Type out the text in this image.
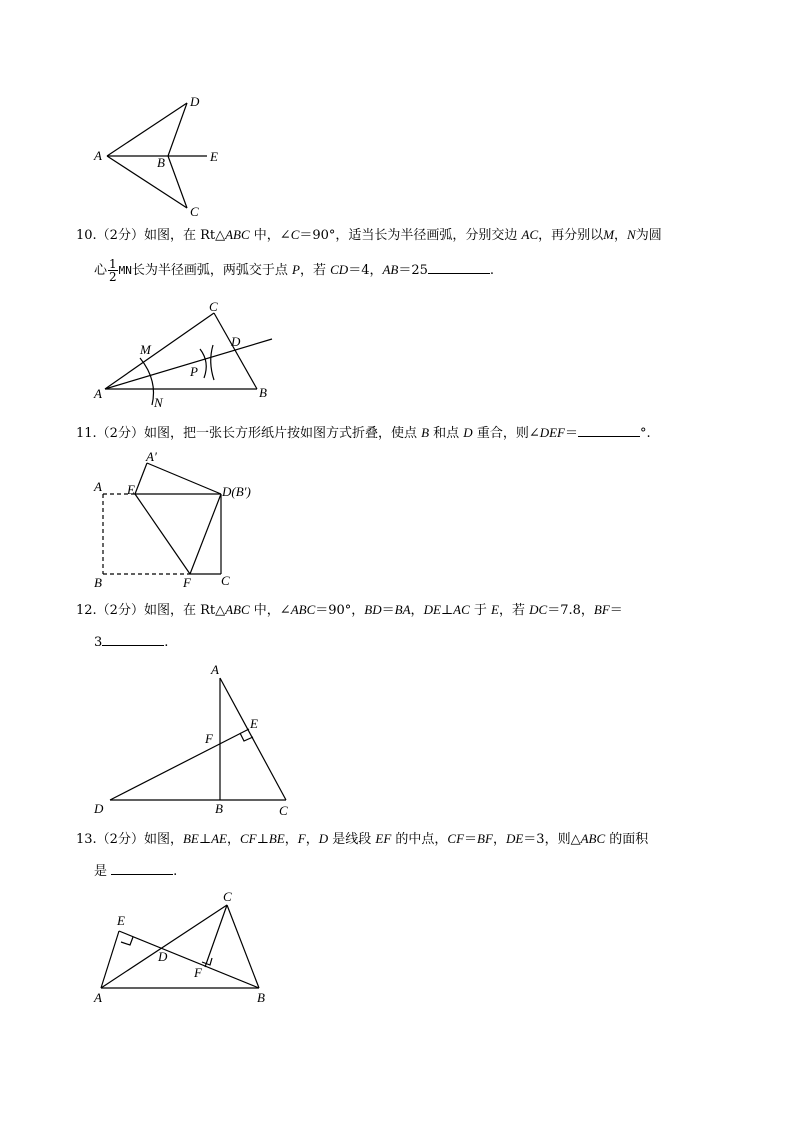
A	B
C
D
E
10.（2分）如图，在 Rt△ABC 中，∠C＝90°，适当长为半径画弧，分别交边 AC，再分别以M，N为圆
心 $\frac{1}{2}$ MN长为半径画弧，两弧交于点 P，若 CD＝4，AB＝25	.
A	B
C
D
M
N
P
11.（2分）如图，把一张长方形纸片按如图方式折叠，使点 B 和点 D 重合，则∠DEF＝	°.
A
A′
E	D(B′)
B	F C
12.（2分）如图，在 Rt△ABC 中，∠ABC＝90°，BD＝BA，DE⊥AC 于 E，若 DC＝7.8，BF＝
3	.
A
E
F
D	B	C
13.（2分）如图，BE⊥AE，CF⊥BE，F，D 是线段 EF 的中点，CF＝BF，DE＝3，则△ABC 的面积
是	.
E
C
D
F
A	B
